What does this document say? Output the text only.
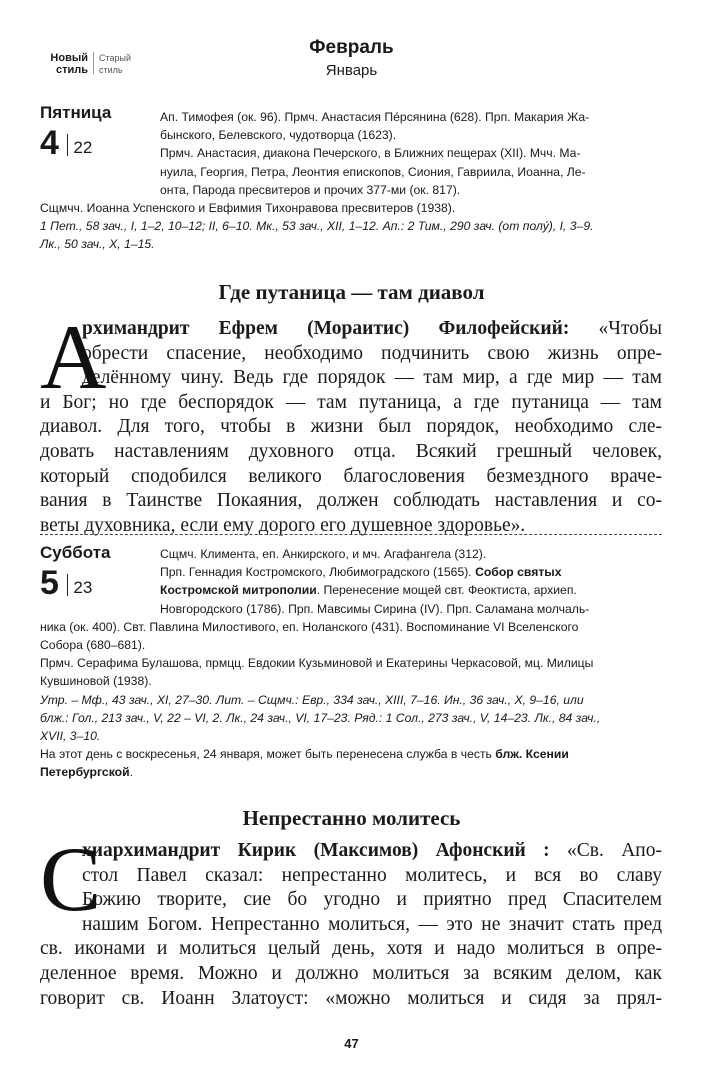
Новый стиль
Старый стиль
Февраль
Январь
Пятница
4 22
Ап. Тимофея (ок. 96). Прмч. Анастасия Пе́рсянина (628). Прп. Макария Жа-
бынского, Белевского, чудотворца (1623).
Прмч. Анастасия, диакона Печерского, в Ближних пещерах (XII). Мчч. Ма-
нуила, Георгия, Петра, Леонтия епископов, Сиония, Гавриила, Иоанна, Ле-
онта, Парода пресвитеров и прочих 377-ми (ок. 817).
Сщмчч. Иоанна Успенского и Евфимия Тихонравова пресвитеров (1938).
1 Пет., 58 зач., I, 1–2, 10–12; II, 6–10. Мк., 53 зач., XII, 1–12. Ап.: 2 Тим., 290 зач. (от полу́), I, 3–9.
Лк., 50 зач., Х, 1–15.
Где путаница — там диавол
А
рхимандрит Ефрем (Мораитис) Филофейский: «Чтобы
обрести спасение, необходимо подчинить свою жизнь опре-
делённому чину. Ведь где порядок — там мир, а где мир — там
и Бог; но где беспорядок — там путаница, а где путаница — там
диавол. Для того, чтобы в жизни был порядок, необходимо сле-
довать наставлениям духовного отца. Всякий грешный человек,
который сподобился великого благословения безмездного враче-
вания в Таинстве Покаяния, должен соблюдать наставления и со-
веты духовника, если ему дорого его душевное здоровье».
Суббота
5 23
Сщмч. Климента, еп. Анкирского, и мч. Агафангела (312).
Прп. Геннадия Костромского, Любимоградского (1565). Собор святых
Костромской митрополии. Перенесение мощей свт. Феоктиста, архиеп.
Новгородского (1786). Прп. Мавсимы Сирина (IV). Прп. Саламана молчаль-
ника (ок. 400). Свт. Павлина Милостивого, еп. Ноланского (431). Воспоминание VI Вселенского
Собора (680–681).
Прмч. Серафима Булашова, прмцц. Евдокии Кузьминовой и Екатерины Черкасовой, мц. Милицы
Кувшиновой (1938).
Утр. – Мф., 43 зач., XI, 27–30. Лит. – Сщмч.: Евр., 334 зач., XIII, 7–16. Ин., 36 зач., X, 9–16, или
блж.: Гол., 213 зач., V, 22 – VI, 2. Лк., 24 зач., VI, 17–23. Ряд.: 1 Сол., 273 зач., V, 14–23. Лк., 84 зач.,
XVII, 3–10.
На этот день с воскресенья, 24 января, может быть перенесена служба в честь блж. Ксении
Петербургской.
Непрестанно молитесь
С
хиархимандрит Кирик (Максимов) Афонский : «Св. Апо-
стол Павел сказал: непрестанно молитесь, и вся во славу
Божию творите, сие бо угодно и приятно пред Спасителем
нашим Богом. Непрестанно молиться, — это не значит стать пред
св. иконами и молиться целый день, хотя и надо молиться в опре-
деленное время. Можно и должно молиться за всяким делом, как
говорит св. Иоанн Златоуст: «можно молиться и сидя за прял-
47
